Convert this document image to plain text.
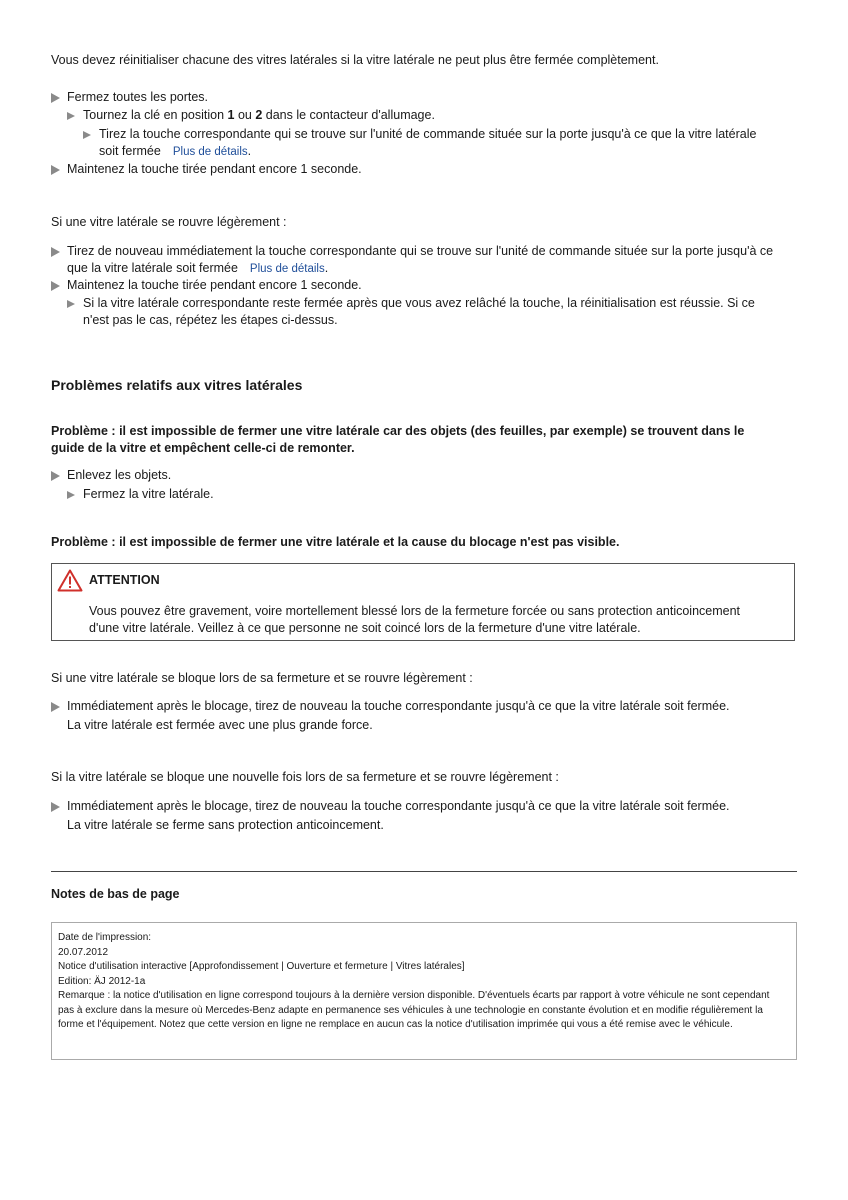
Vous devez réinitialiser chacune des vitres latérales si la vitre latérale ne peut plus être fermée complètement.

Fermez toutes les portes.
Tournez la clé en position 1 ou 2 dans le contacteur d'allumage.
Tirez la touche correspondante qui se trouve sur l'unité de commande située sur la porte jusqu'à ce que la vitre latérale
soit fermée Plus de détails.
Maintenez la touche tirée pendant encore 1 seconde.

Si une vitre latérale se rouvre légèrement :

Tirez de nouveau immédiatement la touche correspondante qui se trouve sur l'unité de commande située sur la porte jusqu'à ce
que la vitre latérale soit fermée Plus de détails.
Maintenez la touche tirée pendant encore 1 seconde.
Si la vitre latérale correspondante reste fermée après que vous avez relâché la touche, la réinitialisation est réussie. Si ce
n'est pas le cas, répétez les étapes ci-dessus.
Problèmes relatifs aux vitres latérales

Problème : il est impossible de fermer une vitre latérale car des objets (des feuilles, par exemple) se trouvent dans le
guide de la vitre et empêchent celle-ci de remonter.

Enlevez les objets.
Fermez la vitre latérale.

Problème : il est impossible de fermer une vitre latérale et la cause du blocage n'est pas visible.

ATTENTION

Vous pouvez être gravement, voire mortellement blessé lors de la fermeture forcée ou sans protection anticoincement
d'une vitre latérale. Veillez à ce que personne ne soit coincé lors de la fermeture d'une vitre latérale.

Si une vitre latérale se bloque lors de sa fermeture et se rouvre légèrement :

Immédiatement après le blocage, tirez de nouveau la touche correspondante jusqu'à ce que la vitre latérale soit fermée.
La vitre latérale est fermée avec une plus grande force.

Si la vitre latérale se bloque une nouvelle fois lors de sa fermeture et se rouvre légèrement :

Immédiatement après le blocage, tirez de nouveau la touche correspondante jusqu'à ce que la vitre latérale soit fermée.
La vitre latérale se ferme sans protection anticoincement.

Notes de bas de page

Date de l'impression:
20.07.2012
Notice d'utilisation interactive [Approfondissement | Ouverture et fermeture | Vitres latérales]
Edition: ÄJ 2012-1a
Remarque : la notice d'utilisation en ligne correspond toujours à la dernière version disponible. D'éventuels écarts par rapport à votre véhicule ne sont cependant pas à exclure dans la mesure où Mercedes-Benz adapte en permanence ses véhicules à une technologie en constante évolution et en modifie régulièrement la forme et l'équipement. Notez que cette version en ligne ne remplace en aucun cas la notice d'utilisation imprimée qui vous a été remise avec le véhicule.
